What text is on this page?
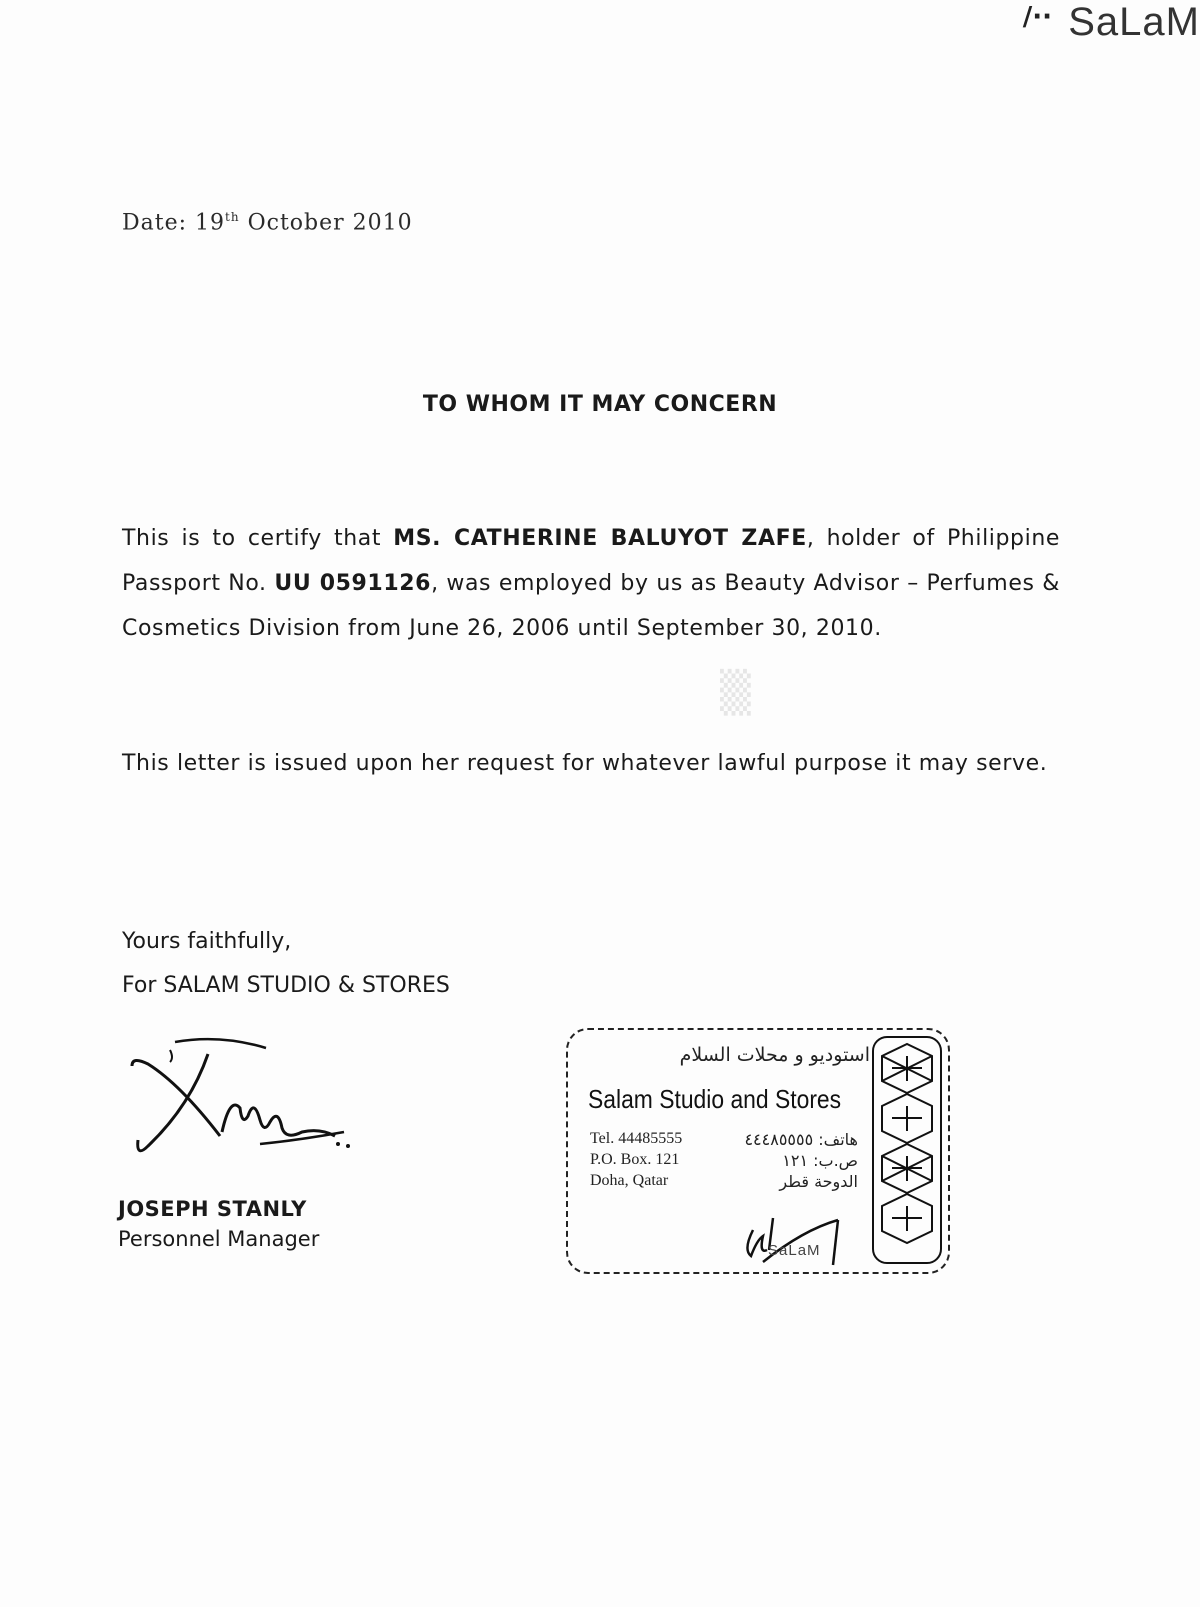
▒
SaLaM
∕··
Date: 19th October 2010
TO WHOM IT MAY CONCERN
This is to certify that MS. CATHERINE BALUYOT ZAFE, holder of Philippine Passport No. UU 0591126, was employed by us as Beauty Advisor – Perfumes & Cosmetics Division from June 26, 2006 until September 30, 2010.
This letter is issued upon her request for whatever lawful purpose it may serve.
Yours faithfully,
For SALAM STUDIO & STORES
JOSEPH STANLY
Personnel Manager
استوديو و محلات السلام
Salam Studio and Stores
Tel. 44485555	هاتف: ٤٤٤٨٥٥٥٥
P.O. Box. 121	ص.ب: ١٢١
Doha, Qatar	الدوحة قطر
SaLaM
